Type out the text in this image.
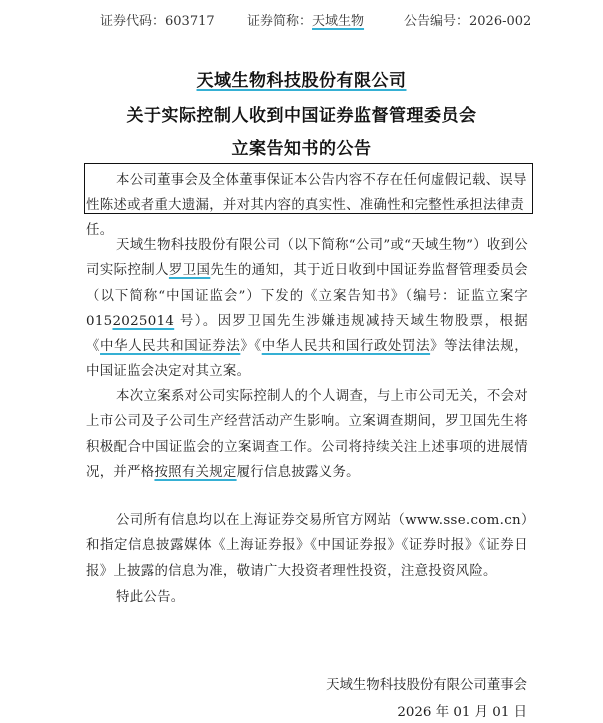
证券代码：603717 证券简称：天域生物	公告编号：2026-002
天域生物科技股份有限公司
关于实际控制人收到中国证券监督管理委员会
立案告知书的公告
本公司董事会及全体董事保证本公告内容不存在任何虚假记载、误导性陈述或者重大遗漏，并对其内容的真实性、准确性和完整性承担法律责任。
天域生物科技股份有限公司（以下简称“公司”或“天域生物”）收到公司实际控制人罗卫国先生的通知，其于近日收到中国证券监督管理委员会（以下简称“中国证监会”）下发的《立案告知书》（编号：证监立案字 0152025014 号）。因罗卫国先生涉嫌违规减持天域生物股票，根据《中华人民共和国证券法》《中华人民共和国行政处罚法》等法律法规，中国证监会决定对其立案。
本次立案系对公司实际控制人的个人调查，与上市公司无关，不会对上市公司及子公司生产经营活动产生影响。立案调查期间，罗卫国先生将积极配合中国证监会的立案调查工作。公司将持续关注上述事项的进展情况，并严格按照有关规定履行信息披露义务。
公司所有信息均以在上海证券交易所官方网站（www.sse.com.cn）和指定信息披露媒体《上海证券报》《中国证券报》《证券时报》《证券日报》上披露的信息为准，敬请广大投资者理性投资，注意投资风险。
特此公告。
天域生物科技股份有限公司董事会
2026 年 01 月 01 日
